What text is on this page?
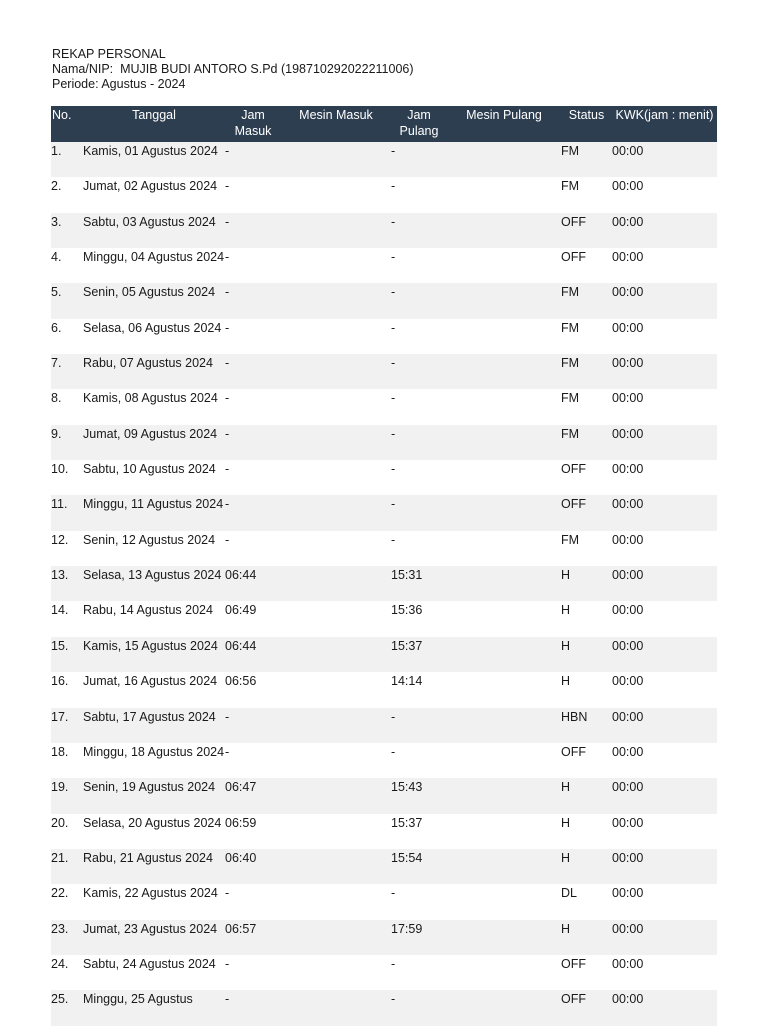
REKAP PERSONAL
Nama/NIP:  MUJIB BUDI ANTORO S.Pd (198710292022211006)
Periode: Agustus - 2024
No.	Tanggal	Jam Masuk	Mesin Masuk	Jam Pulang	Mesin Pulang	Status	KWK(jam : menit)
1.	Kamis, 01 Agustus 2024	-		-		FM	00:00
2.	Jumat, 02 Agustus 2024	-		-		FM	00:00
3.	Sabtu, 03 Agustus 2024	-		-		OFF	00:00
4.	Minggu, 04 Agustus 2024	-		-		OFF	00:00
5.	Senin, 05 Agustus 2024	-		-		FM	00:00
6.	Selasa, 06 Agustus 2024	-		-		FM	00:00
7.	Rabu, 07 Agustus 2024	-		-		FM	00:00
8.	Kamis, 08 Agustus 2024	-		-		FM	00:00
9.	Jumat, 09 Agustus 2024	-		-		FM	00:00
10.	Sabtu, 10 Agustus 2024	-		-		OFF	00:00
11.	Minggu, 11 Agustus 2024	-		-		OFF	00:00
12.	Senin, 12 Agustus 2024	-		-		FM	00:00
13.	Selasa, 13 Agustus 2024	06:44		15:31		H	00:00
14.	Rabu, 14 Agustus 2024	06:49		15:36		H	00:00
15.	Kamis, 15 Agustus 2024	06:44		15:37		H	00:00
16.	Jumat, 16 Agustus 2024	06:56		14:14		H	00:00
17.	Sabtu, 17 Agustus 2024	-		-		HBN	00:00
18.	Minggu, 18 Agustus 2024	-		-		OFF	00:00
19.	Senin, 19 Agustus 2024	06:47		15:43		H	00:00
20.	Selasa, 20 Agustus 2024	06:59		15:37		H	00:00
21.	Rabu, 21 Agustus 2024	06:40		15:54		H	00:00
22.	Kamis, 22 Agustus 2024	-		-		DL	00:00
23.	Jumat, 23 Agustus 2024	06:57		17:59		H	00:00
24.	Sabtu, 24 Agustus 2024	-		-		OFF	00:00
25.	Minggu, 25 Agustus	-		-		OFF	00:00
